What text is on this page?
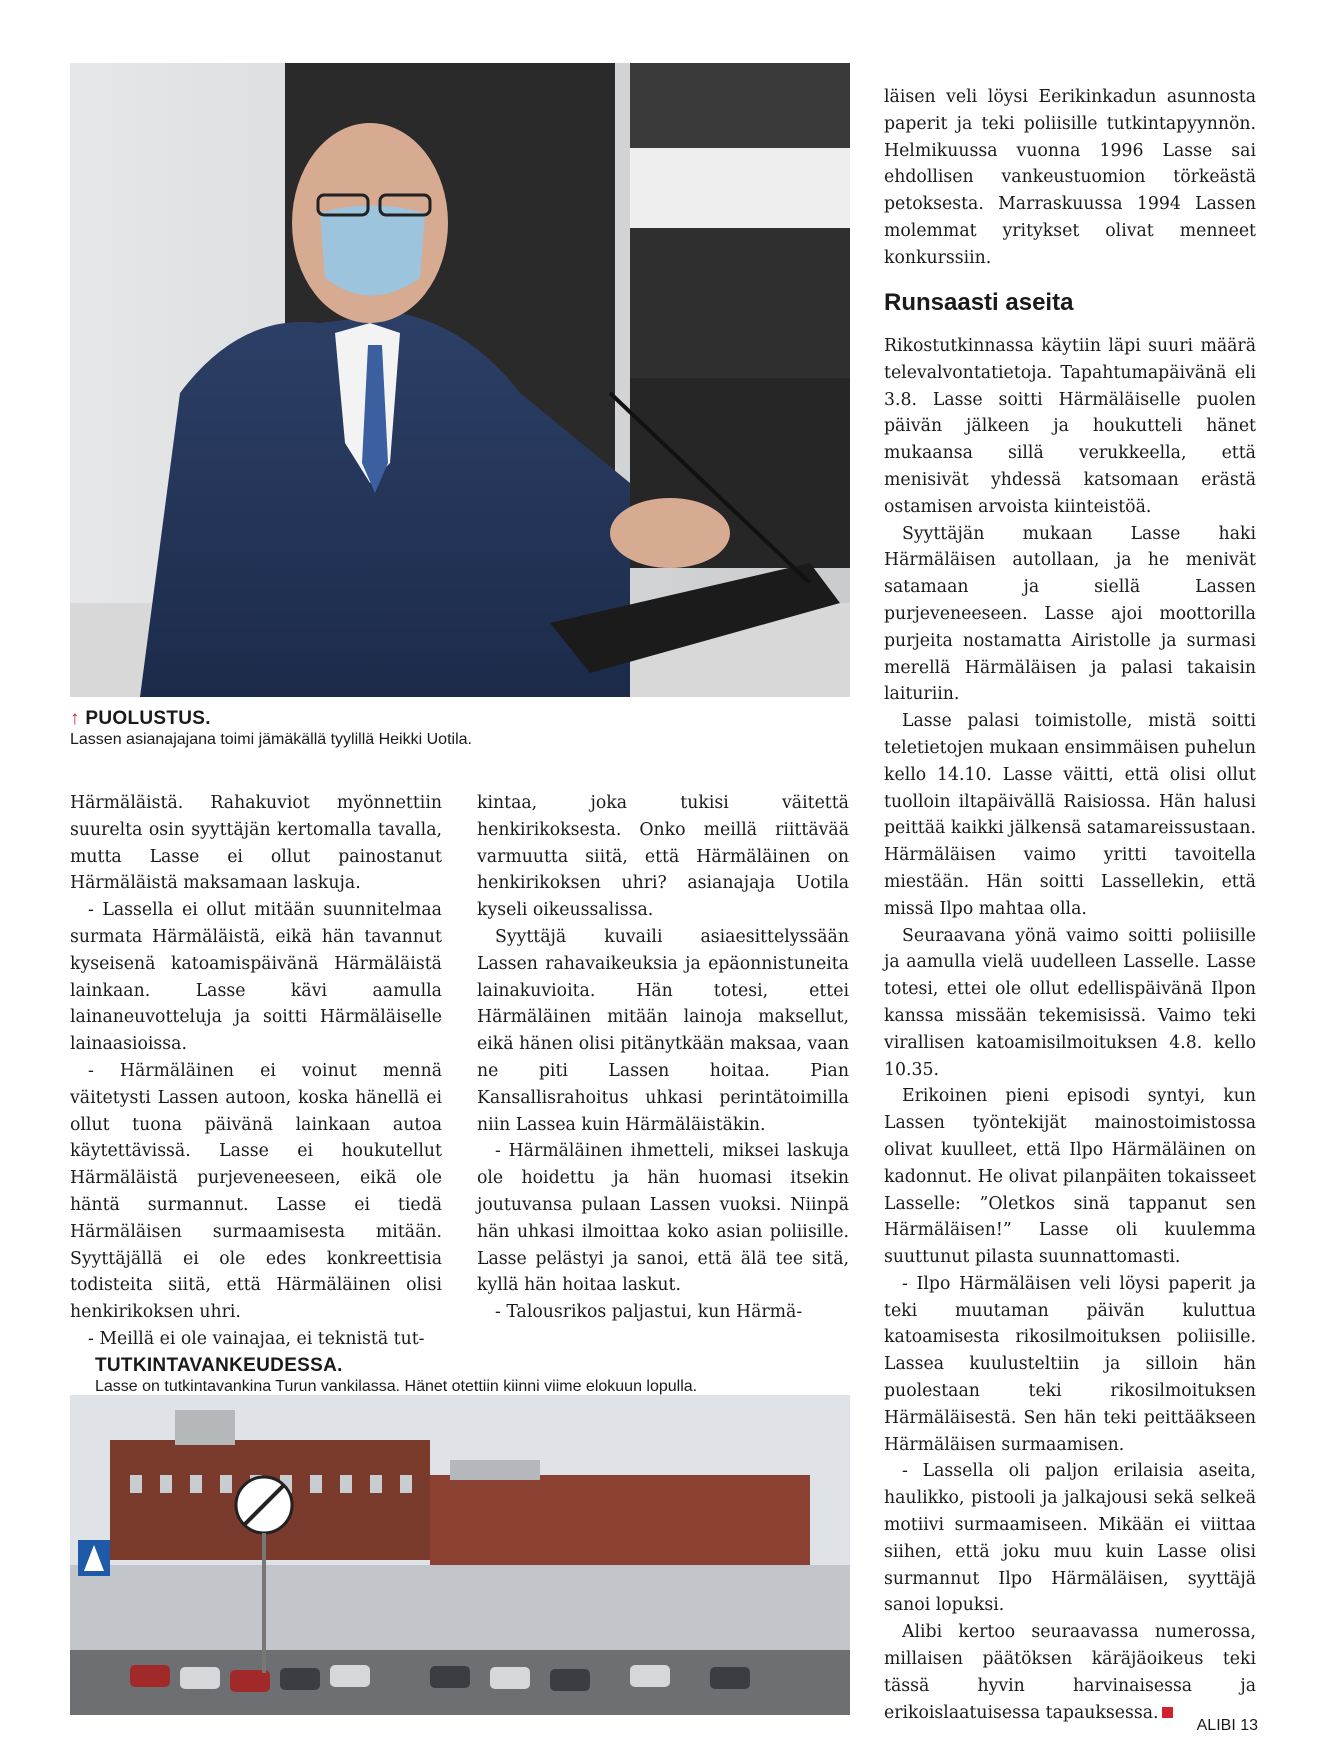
↑ PUOLUSTUS.
Lassen asianajajana toimi jämäkällä tyylillä Heikki Uotila.

Härmäläistä. Rahakuviot myönnettiin suurelta osin syyttäjän kertomalla tavalla, mutta Lasse ei ollut painostanut Härmäläistä maksamaan laskuja.

- Lassella ei ollut mitään suunnitelmaa surmata Härmäläistä, eikä hän tavannut kyseisenä katoamispäivänä Härmäläistä lainkaan. Lasse kävi aamulla lainaneuvotteluja ja soitti Härmäläiselle lainaasioissa.

- Härmäläinen ei voinut mennä väitetysti Lassen autoon, koska hänellä ei ollut tuona päivänä lainkaan autoa käytettävissä. Lasse ei houkutellut Härmäläistä purjeveneeseen, eikä ole häntä surmannut. Lasse ei tiedä Härmäläisen surmaamisesta mitään. Syyttäjällä ei ole edes konkreettisia todisteita siitä, että Härmäläinen olisi henkirikoksen uhri.

- Meillä ei ole vainajaa, ei teknistä tut-

kintaa, joka tukisi väitettä henkirikoksesta. Onko meillä riittävää varmuutta siitä, että Härmäläinen on henkirikoksen uhri? asianajaja Uotila kyseli oikeussalissa.

Syyttäjä kuvaili asiaesittelyssään Lassen rahavaikeuksia ja epäonnistuneita lainakuvioita. Hän totesi, ettei Härmäläinen mitään lainoja maksellut, eikä hänen olisi pitänytkään maksaa, vaan ne piti Lassen hoitaa. Pian Kansallisrahoitus uhkasi perintätoimilla niin Lassea kuin Härmäläistäkin.

- Härmäläinen ihmetteli, miksei laskuja ole hoidettu ja hän huomasi itsekin joutuvansa pulaan Lassen vuoksi. Niinpä hän uhkasi ilmoittaa koko asian poliisille. Lasse pelästyi ja sanoi, että älä tee sitä, kyllä hän hoitaa laskut.

- Talousrikos paljastui, kun Härmä-

TUTKINTAVANKEUDESSA.
Lasse on tutkintavankina Turun vankilassa. Hänet otettiin kiinni viime elokuun lopulla.

läisen veli löysi Eerikinkadun asunnosta paperit ja teki poliisille tutkintapyynnön. Helmikuussa vuonna 1996 Lasse sai ehdollisen vankeustuomion törkeästä petoksesta. Marraskuussa 1994 Lassen molemmat yritykset olivat menneet konkurssiin.

Runsaasti aseita

Rikostutkinnassa käytiin läpi suuri määrä televalvontatietoja. Tapahtumapäivänä eli 3.8. Lasse soitti Härmäläiselle puolen päivän jälkeen ja houkutteli hänet mukaansa sillä verukkeella, että menisivät yhdessä katsomaan erästä ostamisen arvoista kiinteistöä.

Syyttäjän mukaan Lasse haki Härmäläisen autollaan, ja he menivät satamaan ja siellä Lassen purjeveneeseen. Lasse ajoi moottorilla purjeita nostamatta Airistolle ja surmasi merellä Härmäläisen ja palasi takaisin laituriin.

Lasse palasi toimistolle, mistä soitti teletietojen mukaan ensimmäisen puhelun kello 14.10. Lasse väitti, että olisi ollut tuolloin iltapäivällä Raisiossa. Hän halusi peittää kaikki jälkensä satamareissustaan. Härmäläisen vaimo yritti tavoitella miestään. Hän soitti Lassellekin, että missä Ilpo mahtaa olla.

Seuraavana yönä vaimo soitti poliisille ja aamulla vielä uudelleen Lasselle. Lasse totesi, ettei ole ollut edellispäivänä Ilpon kanssa missään tekemisissä. Vaimo teki virallisen katoamisilmoituksen 4.8. kello 10.35.

Erikoinen pieni episodi syntyi, kun Lassen työntekijät mainostoimistossa olivat kuulleet, että Ilpo Härmäläinen on kadonnut. He olivat pilanpäiten tokaisseet Lasselle: ”Oletkos sinä tappanut sen Härmäläisen!” Lasse oli kuulemma suuttunut pilasta suunnattomasti.

- Ilpo Härmäläisen veli löysi paperit ja teki muutaman päivän kuluttua katoamisesta rikosilmoituksen poliisille. Lassea kuulusteltiin ja silloin hän puolestaan teki rikosilmoituksen Härmäläisestä. Sen hän teki peittääkseen Härmäläisen surmaamisen.

- Lassella oli paljon erilaisia aseita, haulikko, pistooli ja jalkajousi sekä selkeä motiivi surmaamiseen. Mikään ei viittaa siihen, että joku muu kuin Lasse olisi surmannut Ilpo Härmäläisen, syyttäjä sanoi lopuksi.

Alibi kertoo seuraavassa numerossa, millaisen päätöksen käräjäoikeus teki tässä hyvin harvinaisessa ja erikoislaatuisessa tapauksessa.

ALIBI 13
